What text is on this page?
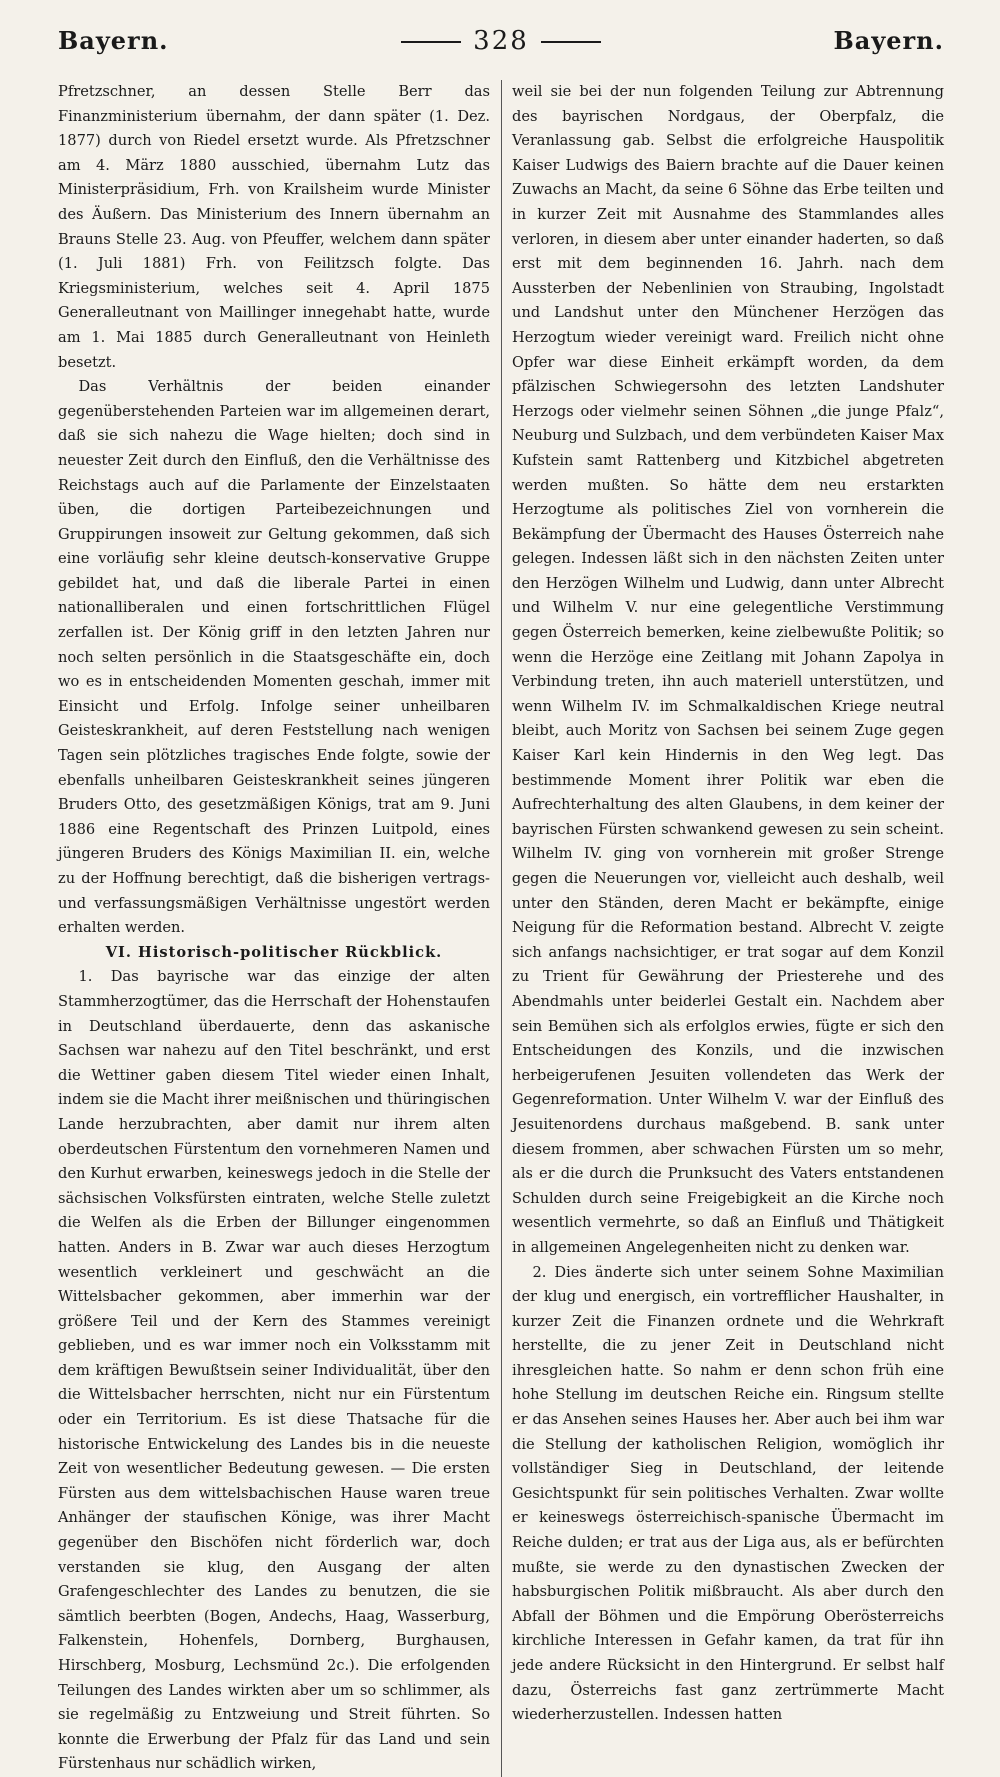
Bayern.	328	Bayern.

Pfretzschner, an dessen Stelle Berr das Finanzministerium übernahm, der dann später (1. Dez. 1877) durch von Riedel ersetzt wurde. Als Pfretzschner am 4. März 1880 ausschied, übernahm Lutz das Ministerpräsidium, Frh. von Krailsheim wurde Minister des Äußern. Das Ministerium des Innern übernahm an Brauns Stelle 23. Aug. von Pfeuffer, welchem dann später (1. Juli 1881) Frh. von Feilitzsch folgte. Das Kriegsministerium, welches seit 4. April 1875 Generalleutnant von Maillinger innegehabt hatte, wurde am 1. Mai 1885 durch Generalleutnant von Heinleth besetzt.

Das Verhältnis der beiden einander gegenüberstehenden Parteien war im allgemeinen derart, daß sie sich nahezu die Wage hielten; doch sind in neuester Zeit durch den Einfluß, den die Verhältnisse des Reichstags auch auf die Parlamente der Einzelstaaten üben, die dortigen Parteibezeichnungen und Gruppirungen insoweit zur Geltung gekommen, daß sich eine vorläufig sehr kleine deutsch-konservative Gruppe gebildet hat, und daß die liberale Partei in einen nationalliberalen und einen fortschrittlichen Flügel zerfallen ist. Der König griff in den letzten Jahren nur noch selten persönlich in die Staatsgeschäfte ein, doch wo es in entscheidenden Momenten geschah, immer mit Einsicht und Erfolg. Infolge seiner unheilbaren Geisteskrankheit, auf deren Feststellung nach wenigen Tagen sein plötzliches tragisches Ende folgte, sowie der ebenfalls unheilbaren Geisteskrankheit seines jüngeren Bruders Otto, des gesetzmäßigen Königs, trat am 9. Juni 1886 eine Regentschaft des Prinzen Luitpold, eines jüngeren Bruders des Königs Maximilian II. ein, welche zu der Hoffnung berechtigt, daß die bisherigen vertrags- und verfassungsmäßigen Verhältnisse ungestört werden erhalten werden.

VI. Historisch-politischer Rückblick.

1. Das bayrische war das einzige der alten Stammherzogtümer, das die Herrschaft der Hohenstaufen in Deutschland überdauerte, denn das askanische Sachsen war nahezu auf den Titel beschränkt, und erst die Wettiner gaben diesem Titel wieder einen Inhalt, indem sie die Macht ihrer meißnischen und thüringischen Lande herzubrachten, aber damit nur ihrem alten oberdeutschen Fürstentum den vornehmeren Namen und den Kurhut erwarben, keineswegs jedoch in die Stelle der sächsischen Volksfürsten eintraten, welche Stelle zuletzt die Welfen als die Erben der Billunger eingenommen hatten. Anders in B. Zwar war auch dieses Herzogtum wesentlich verkleinert und geschwächt an die Wittelsbacher gekommen, aber immerhin war der größere Teil und der Kern des Stammes vereinigt geblieben, und es war immer noch ein Volksstamm mit dem kräftigen Bewußtsein seiner Individualität, über den die Wittelsbacher herrschten, nicht nur ein Fürstentum oder ein Territorium. Es ist diese Thatsache für die historische Entwickelung des Landes bis in die neueste Zeit von wesentlicher Bedeutung gewesen. — Die ersten Fürsten aus dem wittelsbachischen Hause waren treue Anhänger der staufischen Könige, was ihrer Macht gegenüber den Bischöfen nicht förderlich war, doch verstanden sie klug, den Ausgang der alten Grafengeschlechter des Landes zu benutzen, die sie sämtlich beerbten (Bogen, Andechs, Haag, Wasserburg, Falkenstein, Hohenfels, Dornberg, Burghausen, Hirschberg, Mosburg, Lechsmünd 2c.). Die erfolgenden Teilungen des Landes wirkten aber um so schlimmer, als sie regelmäßig zu Entzweiung und Streit führten. So konnte die Erwerbung der Pfalz für das Land und sein Fürstenhaus nur schädlich wirken,

weil sie bei der nun folgenden Teilung zur Abtrennung des bayrischen Nordgaus, der Oberpfalz, die Veranlassung gab. Selbst die erfolgreiche Hauspolitik Kaiser Ludwigs des Baiern brachte auf die Dauer keinen Zuwachs an Macht, da seine 6 Söhne das Erbe teilten und in kurzer Zeit mit Ausnahme des Stammlandes alles verloren, in diesem aber unter einander haderten, so daß erst mit dem beginnenden 16. Jahrh. nach dem Aussterben der Nebenlinien von Straubing, Ingolstadt und Landshut unter den Münchener Herzögen das Herzogtum wieder vereinigt ward. Freilich nicht ohne Opfer war diese Einheit erkämpft worden, da dem pfälzischen Schwiegersohn des letzten Landshuter Herzogs oder vielmehr seinen Söhnen „die junge Pfalz“, Neuburg und Sulzbach, und dem verbündeten Kaiser Max Kufstein samt Rattenberg und Kitzbichel abgetreten werden mußten. So hätte dem neu erstarkten Herzogtume als politisches Ziel von vornherein die Bekämpfung der Übermacht des Hauses Österreich nahe gelegen. Indessen läßt sich in den nächsten Zeiten unter den Herzögen Wilhelm und Ludwig, dann unter Albrecht und Wilhelm V. nur eine gelegentliche Verstimmung gegen Österreich bemerken, keine zielbewußte Politik; so wenn die Herzöge eine Zeitlang mit Johann Zapolya in Verbindung treten, ihn auch materiell unterstützen, und wenn Wilhelm IV. im Schmalkaldischen Kriege neutral bleibt, auch Moritz von Sachsen bei seinem Zuge gegen Kaiser Karl kein Hindernis in den Weg legt. Das bestimmende Moment ihrer Politik war eben die Aufrechterhaltung des alten Glaubens, in dem keiner der bayrischen Fürsten schwankend gewesen zu sein scheint. Wilhelm IV. ging von vornherein mit großer Strenge gegen die Neuerungen vor, vielleicht auch deshalb, weil unter den Ständen, deren Macht er bekämpfte, einige Neigung für die Reformation bestand. Albrecht V. zeigte sich anfangs nachsichtiger, er trat sogar auf dem Konzil zu Trient für Gewährung der Priesterehe und des Abendmahls unter beiderlei Gestalt ein. Nachdem aber sein Bemühen sich als erfolglos erwies, fügte er sich den Entscheidungen des Konzils, und die inzwischen herbeigerufenen Jesuiten vollendeten das Werk der Gegenreformation. Unter Wilhelm V. war der Einfluß des Jesuitenordens durchaus maßgebend. B. sank unter diesem frommen, aber schwachen Fürsten um so mehr, als er die durch die Prunksucht des Vaters entstandenen Schulden durch seine Freigebigkeit an die Kirche noch wesentlich vermehrte, so daß an Einfluß und Thätigkeit in allgemeinen Angelegenheiten nicht zu denken war.

2. Dies änderte sich unter seinem Sohne Maximilian der klug und energisch, ein vortrefflicher Haushalter, in kurzer Zeit die Finanzen ordnete und die Wehrkraft herstellte, die zu jener Zeit in Deutschland nicht ihresgleichen hatte. So nahm er denn schon früh eine hohe Stellung im deutschen Reiche ein. Ringsum stellte er das Ansehen seines Hauses her. Aber auch bei ihm war die Stellung der katholischen Religion, womöglich ihr vollständiger Sieg in Deutschland, der leitende Gesichtspunkt für sein politisches Verhalten. Zwar wollte er keineswegs österreichisch-spanische Übermacht im Reiche dulden; er trat aus der Liga aus, als er befürchten mußte, sie werde zu den dynastischen Zwecken der habsburgischen Politik mißbraucht. Als aber durch den Abfall der Böhmen und die Empörung Oberösterreichs kirchliche Interessen in Gefahr kamen, da trat für ihn jede andere Rücksicht in den Hintergrund. Er selbst half dazu, Österreichs fast ganz zertrümmerte Macht wiederherzustellen. Indessen hatten
